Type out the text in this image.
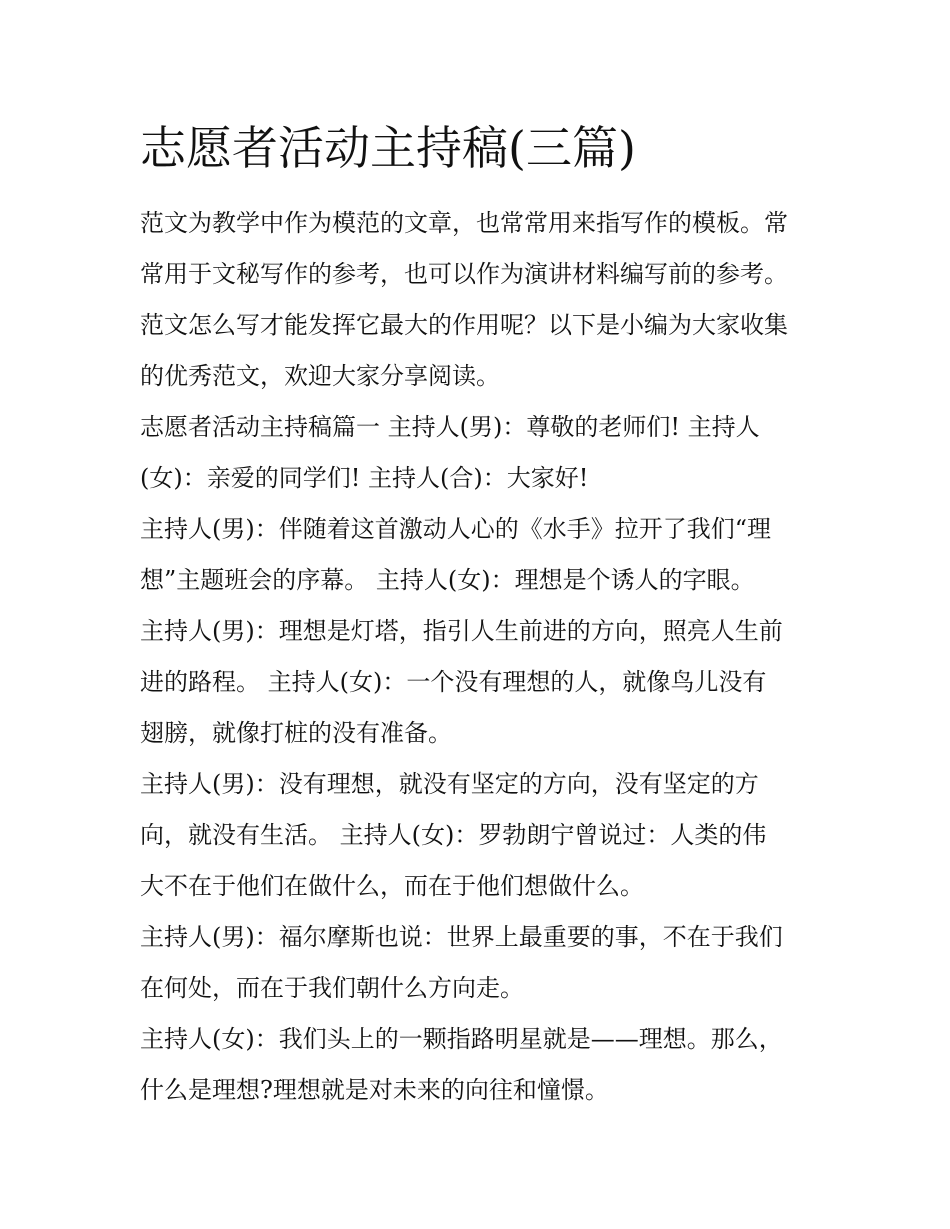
志愿者活动主持稿(三篇)
范文为教学中作为模范的文章，也常常用来指写作的模板。常
常用于文秘写作的参考，也可以作为演讲材料编写前的参考。
范文怎么写才能发挥它最大的作用呢？以下是小编为大家收集
的优秀范文，欢迎大家分享阅读。
志愿者活动主持稿篇一 主持人(男)：尊敬的老师们! 主持人
(女)：亲爱的同学们! 主持人(合)：大家好!
主持人(男)：伴随着这首激动人心的《水手》拉开了我们“理
想”主题班会的序幕。 主持人(女)：理想是个诱人的字眼。
主持人(男)：理想是灯塔，指引人生前进的方向，照亮人生前
进的路程。 主持人(女)：一个没有理想的人，就像鸟儿没有
翅膀，就像打桩的没有准备。
主持人(男)：没有理想，就没有坚定的方向，没有坚定的方
向，就没有生活。 主持人(女)：罗勃朗宁曾说过：人类的伟
大不在于他们在做什么，而在于他们想做什么。
主持人(男)：福尔摩斯也说：世界上最重要的事，不在于我们
在何处，而在于我们朝什么方向走。
主持人(女)：我们头上的一颗指路明星就是——理想。那么，
什么是理想?理想就是对未来的向往和憧憬。
